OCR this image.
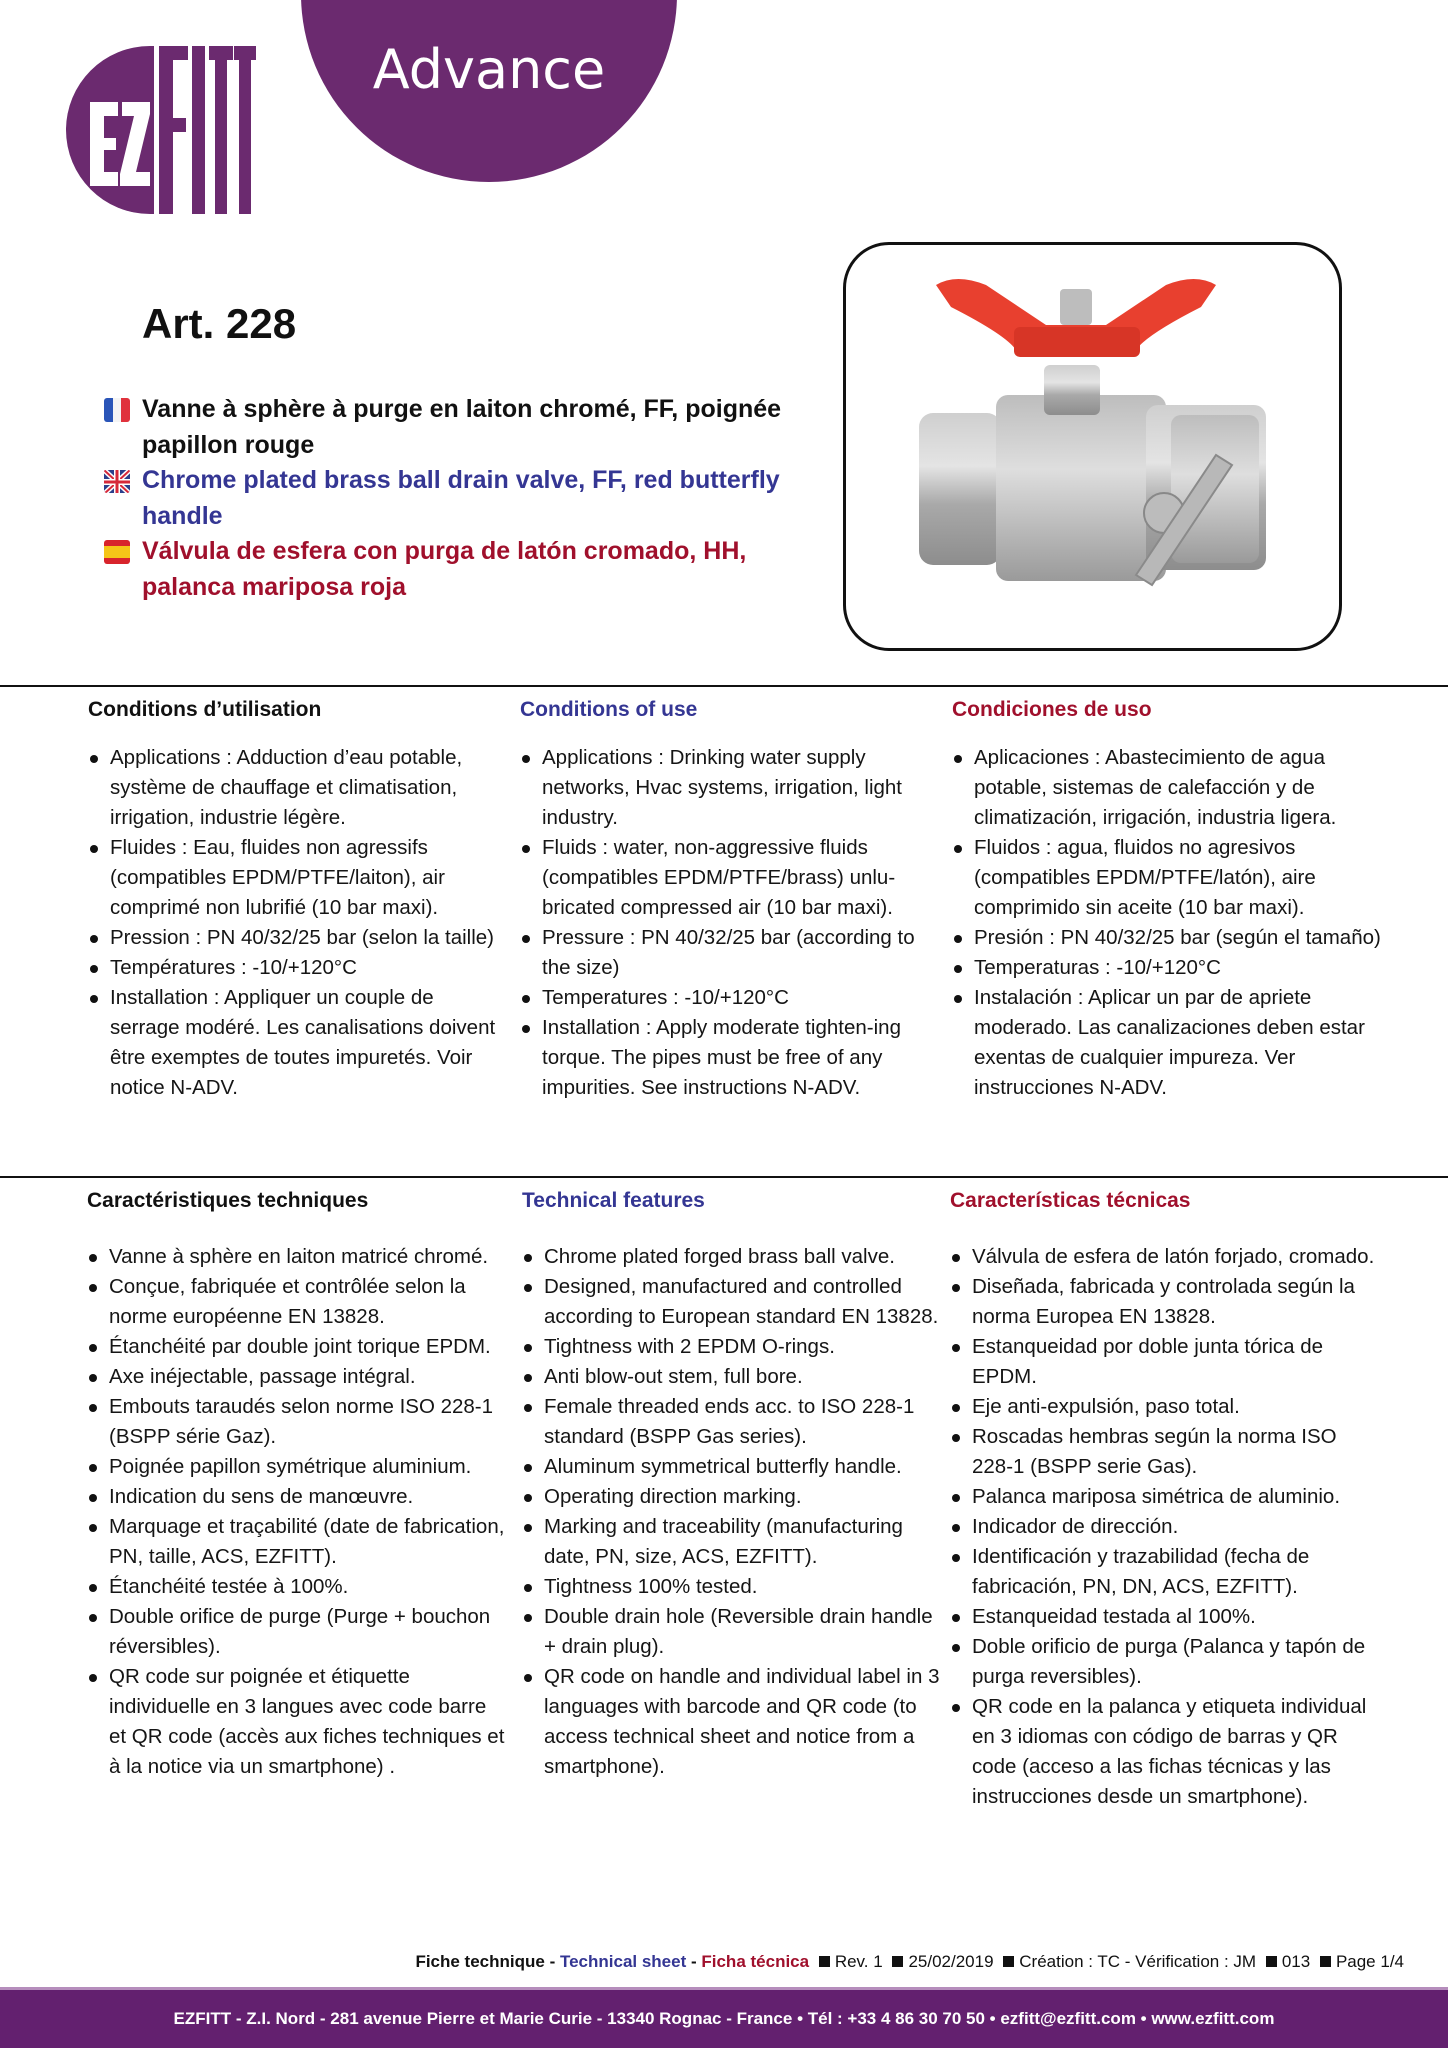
Advance
Art. 228
Vanne à sphère à purge en laiton chromé, FF, poignée papillon rouge
Chrome plated brass ball drain valve, FF, red butterfly handle
Válvula de esfera con purga de latón cromado, HH, palanca mariposa roja
Conditions d’utilisation
Applications : Adduction d’eau potable, système de chauffage et climatisation, irrigation, industrie légère.
Fluides : Eau, fluides non agressifs (compatibles EPDM/PTFE/laiton), air comprimé non lubrifié (10 bar maxi).
Pression : PN 40/32/25 bar (selon la taille)
Températures : -10/+120°C
Installation : Appliquer un couple de serrage modéré. Les canalisations doivent être exemptes de toutes impuretés. Voir notice N-ADV.
Conditions of use
Applications : Drinking water supply networks, Hvac systems, irrigation, light industry.
Fluids : water, non-aggressive fluids (compatibles EPDM/PTFE/brass) unlu-bricated compressed air (10 bar maxi).
Pressure : PN 40/32/25 bar (according to the size)
Temperatures : -10/+120°C
Installation : Apply moderate tighten-ing torque. The pipes must be free of any impurities. See instructions N-ADV.
Condiciones de uso
Aplicaciones : Abastecimiento de agua potable, sistemas de calefacción y de climatización, irrigación, industria ligera.
Fluidos : agua, fluidos no agresivos (compatibles EPDM/PTFE/latón), aire comprimido sin aceite (10 bar maxi).
Presión : PN 40/32/25 bar (según el tamaño)
Temperaturas : -10/+120°C
Instalación : Aplicar un par de apriete moderado. Las canalizaciones deben estar exentas de cualquier impureza. Ver instrucciones N-ADV.
Caractéristiques techniques
Vanne à sphère en laiton matricé chromé.
Conçue, fabriquée et contrôlée selon la norme européenne EN 13828.
Étanchéité par double joint torique EPDM.
Axe inéjectable, passage intégral.
Embouts taraudés selon norme ISO 228-1 (BSPP série Gaz).
Poignée papillon symétrique aluminium.
Indication du sens de manœuvre.
Marquage et traçabilité (date de fabrication, PN, taille, ACS, EZFITT).
Étanchéité testée à 100%.
Double orifice de purge (Purge + bouchon réversibles).
QR code sur poignée et étiquette individuelle en 3 langues avec code barre et QR code (accès aux fiches techniques et à la notice via un smartphone) .
Technical features
Chrome plated forged brass ball valve.
Designed, manufactured and controlled according to European standard EN 13828.
Tightness with 2 EPDM O-rings.
Anti blow-out stem, full bore.
Female threaded ends acc. to ISO 228-1 standard (BSPP Gas series).
Aluminum symmetrical butterfly handle.
Operating direction marking.
Marking and traceability (manufacturing date, PN, size, ACS, EZFITT).
Tightness 100% tested.
Double drain hole (Reversible drain handle + drain plug).
QR code on handle and individual label in 3 languages with barcode and QR code (to access technical sheet and notice from a smartphone).
Características técnicas
Válvula de esfera de latón forjado, cromado.
Diseñada, fabricada y controlada según la norma Europea EN 13828.
Estanqueidad por doble junta tórica de EPDM.
Eje anti-expulsión, paso total.
Roscadas hembras según la norma ISO 228-1 (BSPP serie Gas).
Palanca mariposa simétrica de aluminio.
Indicador de dirección.
Identificación y trazabilidad (fecha de fabricación, PN, DN, ACS, EZFITT).
Estanqueidad testada al 100%.
Doble orificio de purga (Palanca y tapón de purga reversibles).
QR code en la palanca y etiqueta individual en 3 idiomas con código de barras y QR code (acceso a las fichas técnicas y las instrucciones desde un smartphone).
Fiche technique - Technical sheet - Ficha técnica Rev. 1 25/02/2019 Création : TC - Vérification : JM 013 Page 1/4
EZFITT - Z.I. Nord - 281 avenue Pierre et Marie Curie - 13340 Rognac - France • Tél : +33 4 86 30 70 50 • ezfitt@ezfitt.com • www.ezfitt.com
